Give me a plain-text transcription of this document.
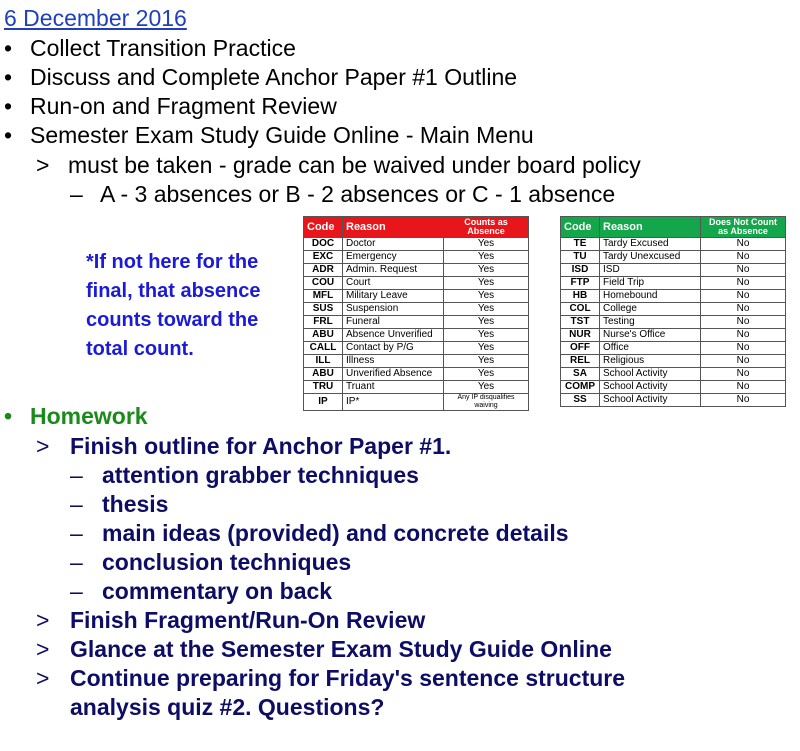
6 December 2016
• Collect Transition Practice
• Discuss and Complete Anchor Paper #1 Outline
• Run-on and Fragment Review
• Semester Exam Study Guide Online - Main Menu
> must be taken - grade can be waived under board policy
– A - 3 absences or B - 2 absences or C - 1 absence
*If not here for the final, that absence counts toward the total count.
Code	Reason	Counts as Absence
DOC	Doctor	Yes
EXC	Emergency	Yes
ADR	Admin. Request	Yes
COU	Court	Yes
MFL	Military Leave	Yes
SUS	Suspension	Yes
FRL	Funeral	Yes
ABU	Absence Unverified	Yes
CALL	Contact by P/G	Yes
ILL	Illness	Yes
ABU	Unverified Absence	Yes
TRU	Truant	Yes
IP	IP*	Any IP disqualifies waiving
Code	Reason	Does Not Count as Absence
TE	Tardy Excused	No
TU	Tardy Unexcused	No
ISD	ISD	No
FTP	Field Trip	No
HB	Homebound	No
COL	College	No
TST	Testing	No
NUR	Nurse's Office	No
OFF	Office	No
REL	Religious	No
SA	School Activity	No
COMP	School Activity	No
SS	School Activity	No
• Homework
> Finish outline for Anchor Paper #1.
– attention grabber techniques
– thesis
– main ideas (provided) and concrete details
– conclusion techniques
– commentary on back
> Finish Fragment/Run-On Review
> Glance at the Semester Exam Study Guide Online
> Continue preparing for Friday's sentence structure
analysis quiz #2. Questions?
